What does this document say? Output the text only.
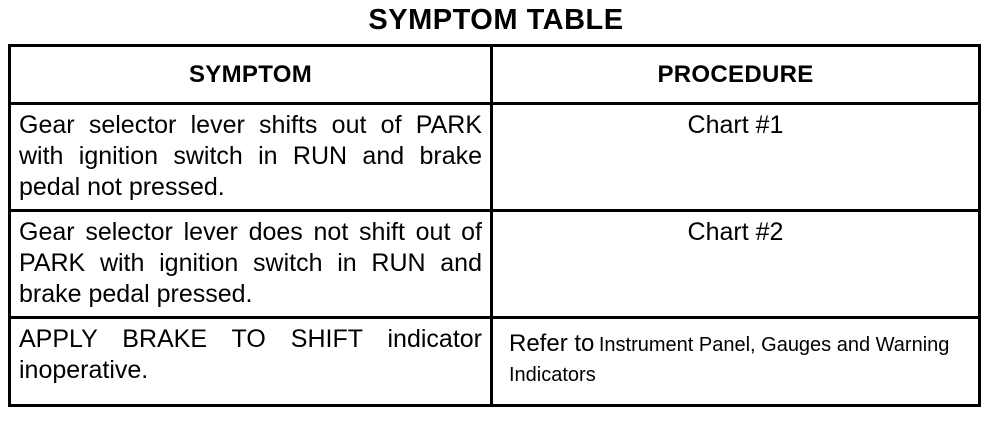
SYMPTOM TABLE
SYMPTOM	PROCEDURE
Gear selector lever shifts out of PARK with ignition switch in RUN and brake pedal not pressed.	Chart #1
Gear selector lever does not shift out of PARK with ignition switch in RUN and brake pedal pressed.	Chart #2
APPLY BRAKE TO SHIFT indicator inoperative.	Refer to Instrument Panel, Gauges and Warning Indicators
